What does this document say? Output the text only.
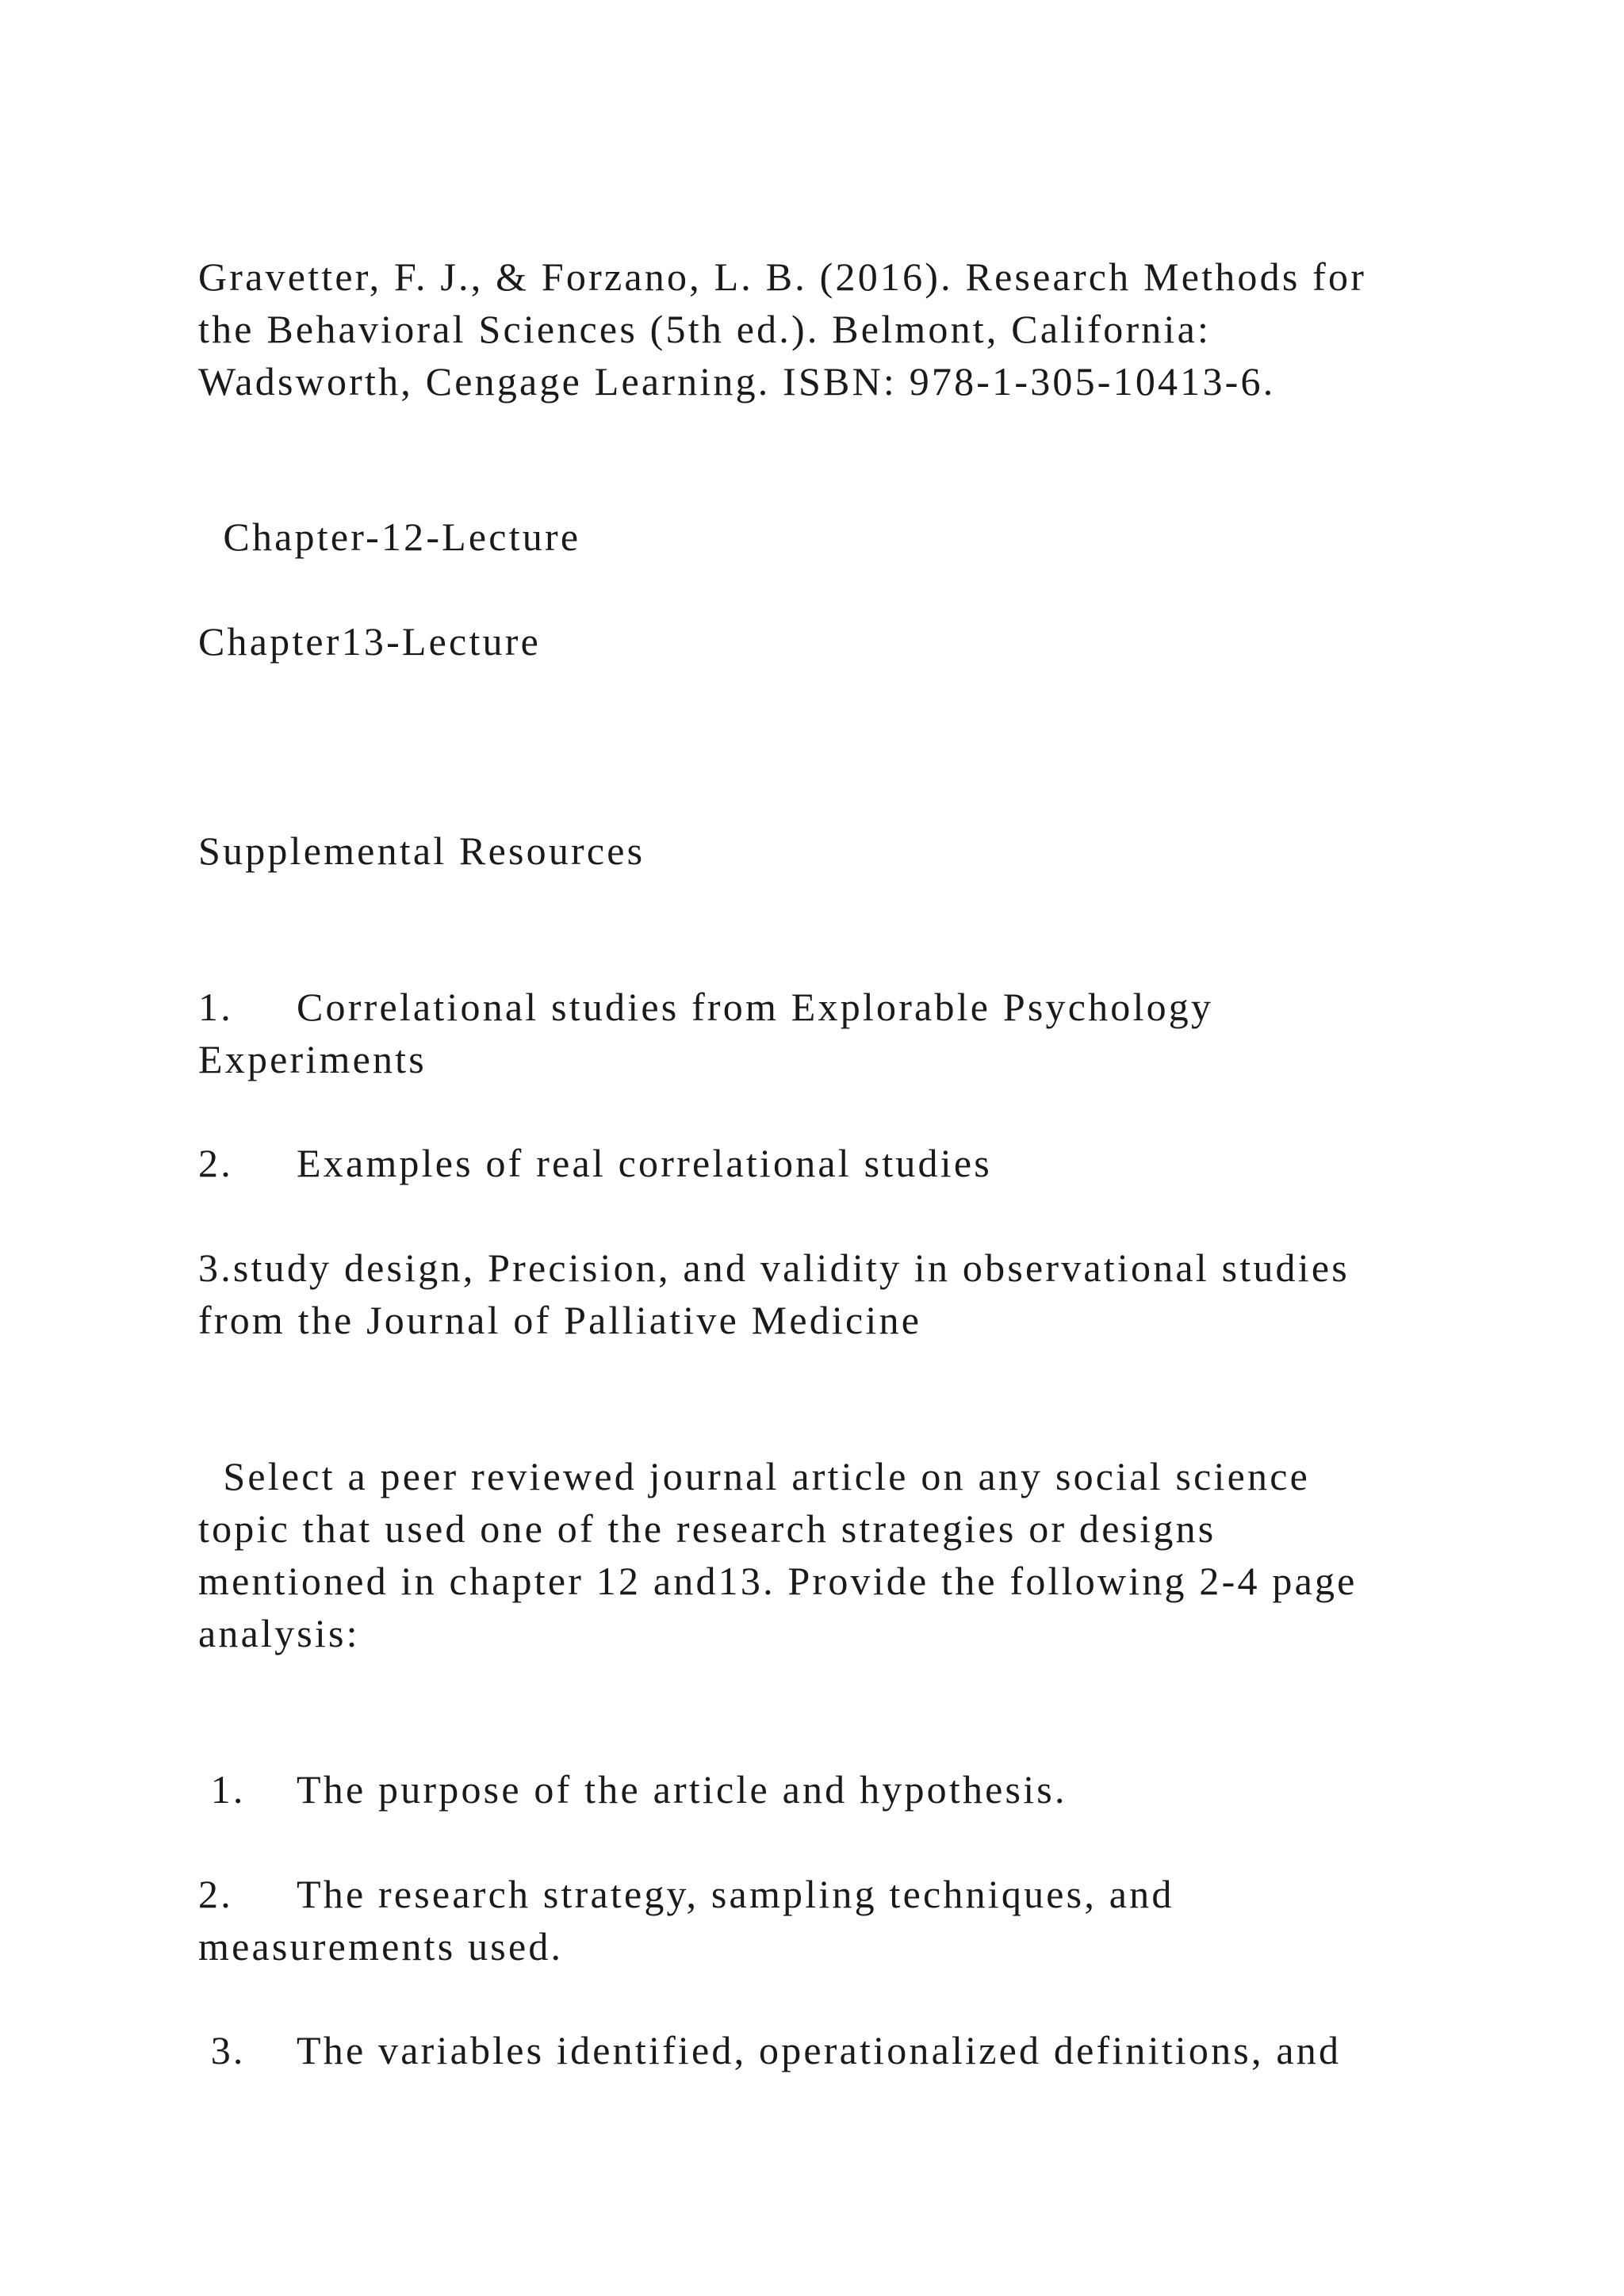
Gravetter, F. J., & Forzano, L. B. (2016). Research Methods for

the Behavioral Sciences (5th ed.). Belmont, California:

Wadsworth, Cengage Learning. ISBN: 978-1-305-10413-6.

Chapter-12-Lecture

Chapter13-Lecture

Supplemental Resources

1. Correlational studies from Explorable Psychology

Experiments

2. Examples of real correlational studies

3.study design, Precision, and validity in observational studies

from the Journal of Palliative Medicine

Select a peer reviewed journal article on any social science

topic that used one of the research strategies or designs

mentioned in chapter 12 and13. Provide the following 2-4 page

analysis:

1. The purpose of the article and hypothesis.

2. The research strategy, sampling techniques, and

measurements used.

3. The variables identified, operationalized definitions, and
